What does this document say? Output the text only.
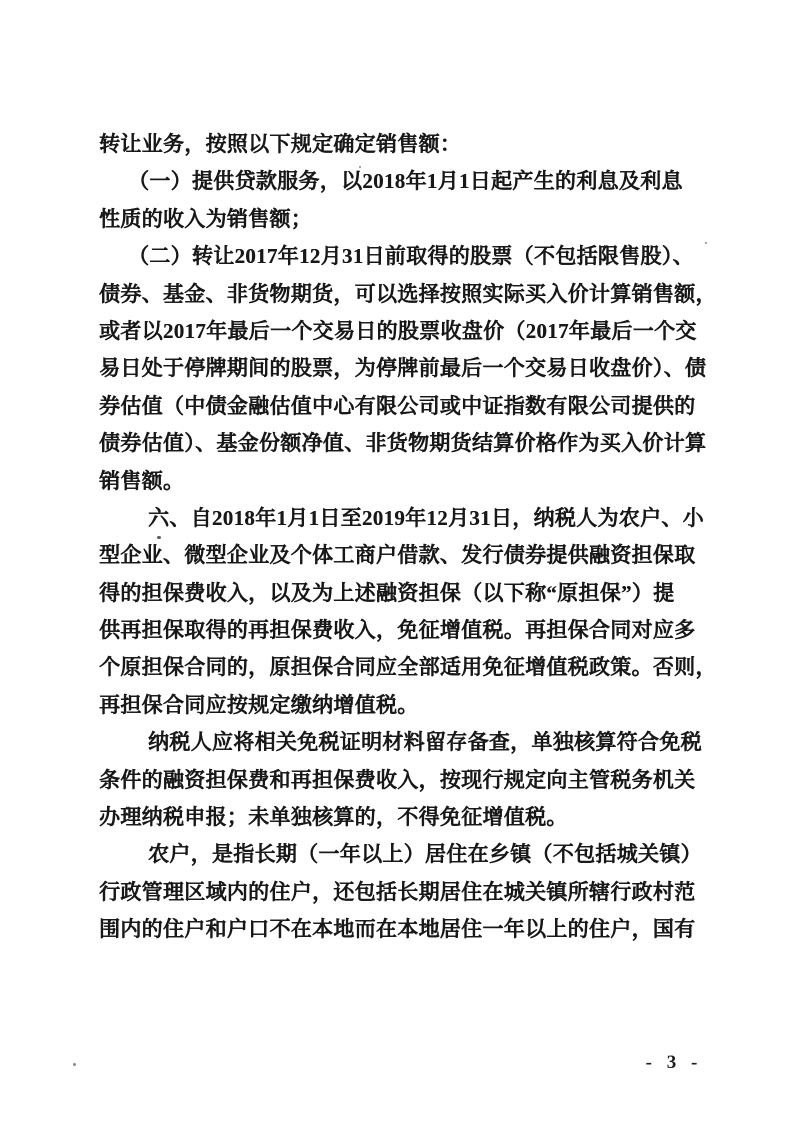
转让业务，按照以下规定确定销售额：
（一）提供贷款服务，以2018年1月1日起产生的利息及利息
性质的收入为销售额；
（二）转让2017年12月31日前取得的股票（不包括限售股）、
债券、基金、非货物期货，可以选择按照实际买入价计算销售额，
或者以2017年最后一个交易日的股票收盘价（2017年最后一个交
易日处于停牌期间的股票，为停牌前最后一个交易日收盘价）、债
券估值（中债金融估值中心有限公司或中证指数有限公司提供的
债券估值）、基金份额净值、非货物期货结算价格作为买入价计算
销售额。
六、自2018年1月1日至2019年12月31日，纳税人为农户、小
型企业、微型企业及个体工商户借款、发行债券提供融资担保取
得的担保费收入，以及为上述融资担保（以下称“原担保”）提
供再担保取得的再担保费收入，免征增值税。再担保合同对应多
个原担保合同的，原担保合同应全部适用免征增值税政策。否则，
再担保合同应按规定缴纳增值税。
纳税人应将相关免税证明材料留存备查，单独核算符合免税
条件的融资担保费和再担保费收入，按现行规定向主管税务机关
办理纳税申报；未单独核算的，不得免征增值税。
农户，是指长期（一年以上）居住在乡镇（不包括城关镇）
行政管理区域内的住户，还包括长期居住在城关镇所辖行政村范
围内的住户和户口不在本地而在本地居住一年以上的住户，国有
- 3 -
